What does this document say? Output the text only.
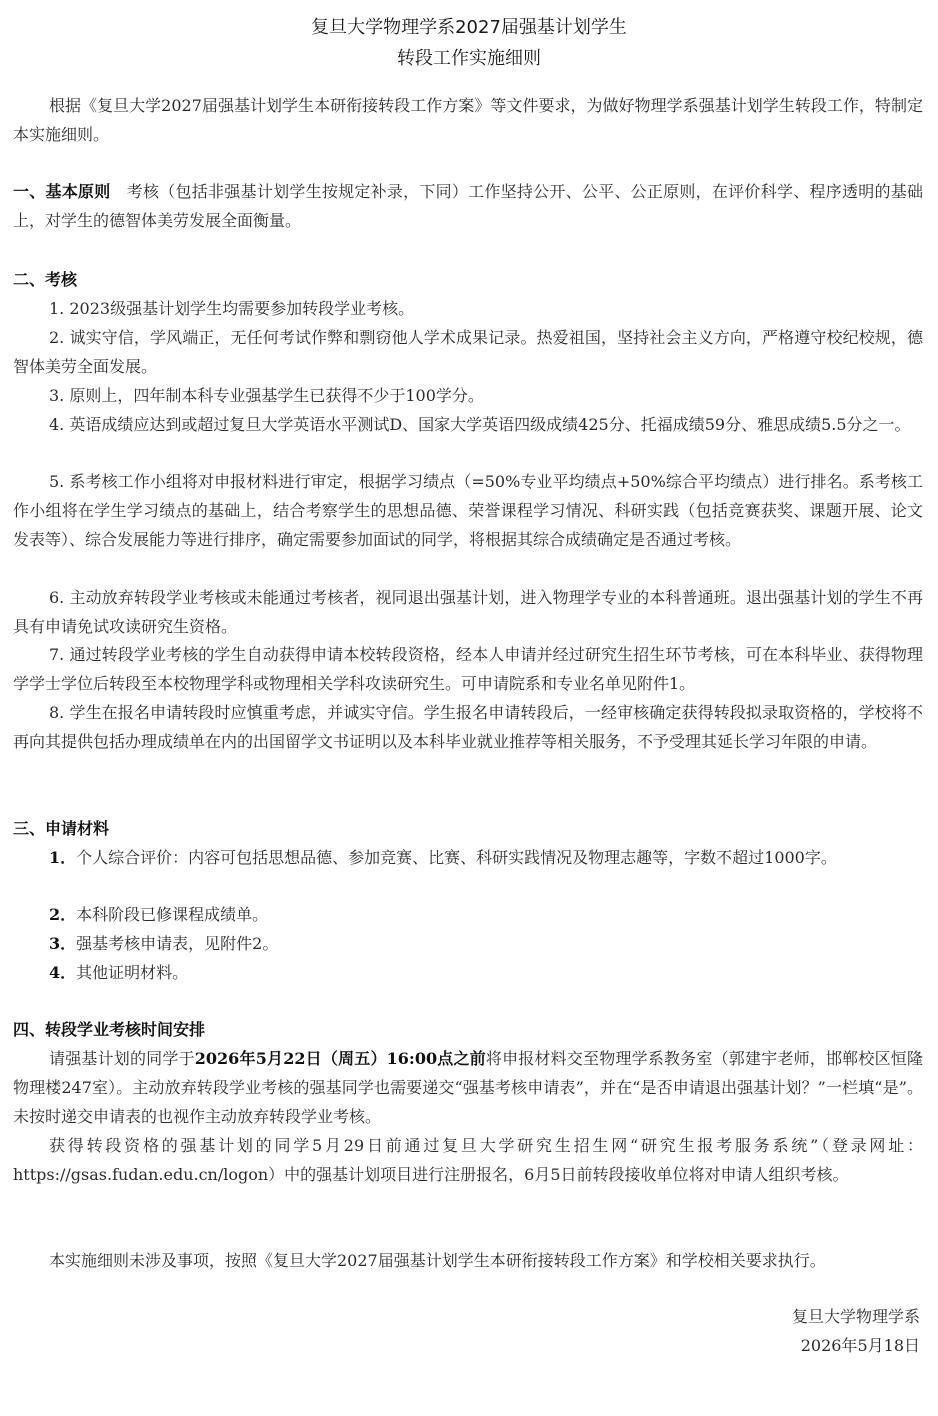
复旦大学物理学系2027届强基计划学生
转段工作实施细则

根据《复旦大学2027届强基计划学生本研衔接转段工作方案》等文件要求，为做好物理学系强基计划学生转段工作，特制定本实施细则。

一、基本原则　考核（包括非强基计划学生按规定补录，下同）工作坚持公开、公平、公正原则，在评价科学、程序透明的基础上，对学生的德智体美劳发展全面衡量。

二、考核

1. 2023级强基计划学生均需要参加转段学业考核。

2. 诚实守信，学风端正，无任何考试作弊和剽窃他人学术成果记录。热爱祖国，坚持社会主义方向，严格遵守校纪校规，德智体美劳全面发展。

3. 原则上，四年制本科专业强基学生已获得不少于100学分。

4. 英语成绩应达到或超过复旦大学英语水平测试D、国家大学英语四级成绩425分、托福成绩59分、雅思成绩5.5分之一。

5. 系考核工作小组将对申报材料进行审定，根据学习绩点（=50%专业平均绩点+50%综合平均绩点）进行排名。系考核工作小组将在学生学习绩点的基础上，结合考察学生的思想品德、荣誉课程学习情况、科研实践（包括竞赛获奖、课题开展、论文发表等）、综合发展能力等进行排序，确定需要参加面试的同学，将根据其综合成绩确定是否通过考核。

6. 主动放弃转段学业考核或未能通过考核者，视同退出强基计划，进入物理学专业的本科普通班。退出强基计划的学生不再具有申请免试攻读研究生资格。

7. 通过转段学业考核的学生自动获得申请本校转段资格，经本人申请并经过研究生招生环节考核，可在本科毕业、获得物理学学士学位后转段至本校物理学科或物理相关学科攻读研究生。可申请院系和专业名单见附件1。

8. 学生在报名申请转段时应慎重考虑，并诚实守信。学生报名申请转段后，一经审核确定获得转段拟录取资格的，学校将不再向其提供包括办理成绩单在内的出国留学文书证明以及本科毕业就业推荐等相关服务，不予受理其延长学习年限的申请。

三、申请材料

1．个人综合评价：内容可包括思想品德、参加竞赛、比赛、科研实践情况及物理志趣等，字数不超过1000字。

2．本科阶段已修课程成绩单。

3．强基考核申请表，见附件2。

4．其他证明材料。

四、转段学业考核时间安排

请强基计划的同学于2026年5月22日（周五）16:00点之前将申报材料交至物理学系教务室（郭建宇老师，邯郸校区恒隆物理楼247室）。主动放弃转段学业考核的强基同学也需要递交“强基考核申请表”，并在“是否申请退出强基计划？”一栏填“是”。未按时递交申请表的也视作主动放弃转段学业考核。

获得转段资格的强基计划的同学5月29日前通过复旦大学研究生招生网“研究生报考服务系统”（登录网址：https://gsas.fudan.edu.cn/logon）中的强基计划项目进行注册报名，6月5日前转段接收单位将对申请人组织考核。

本实施细则未涉及事项，按照《复旦大学2027届强基计划学生本研衔接转段工作方案》和学校相关要求执行。

复旦大学物理学系
2026年5月18日
